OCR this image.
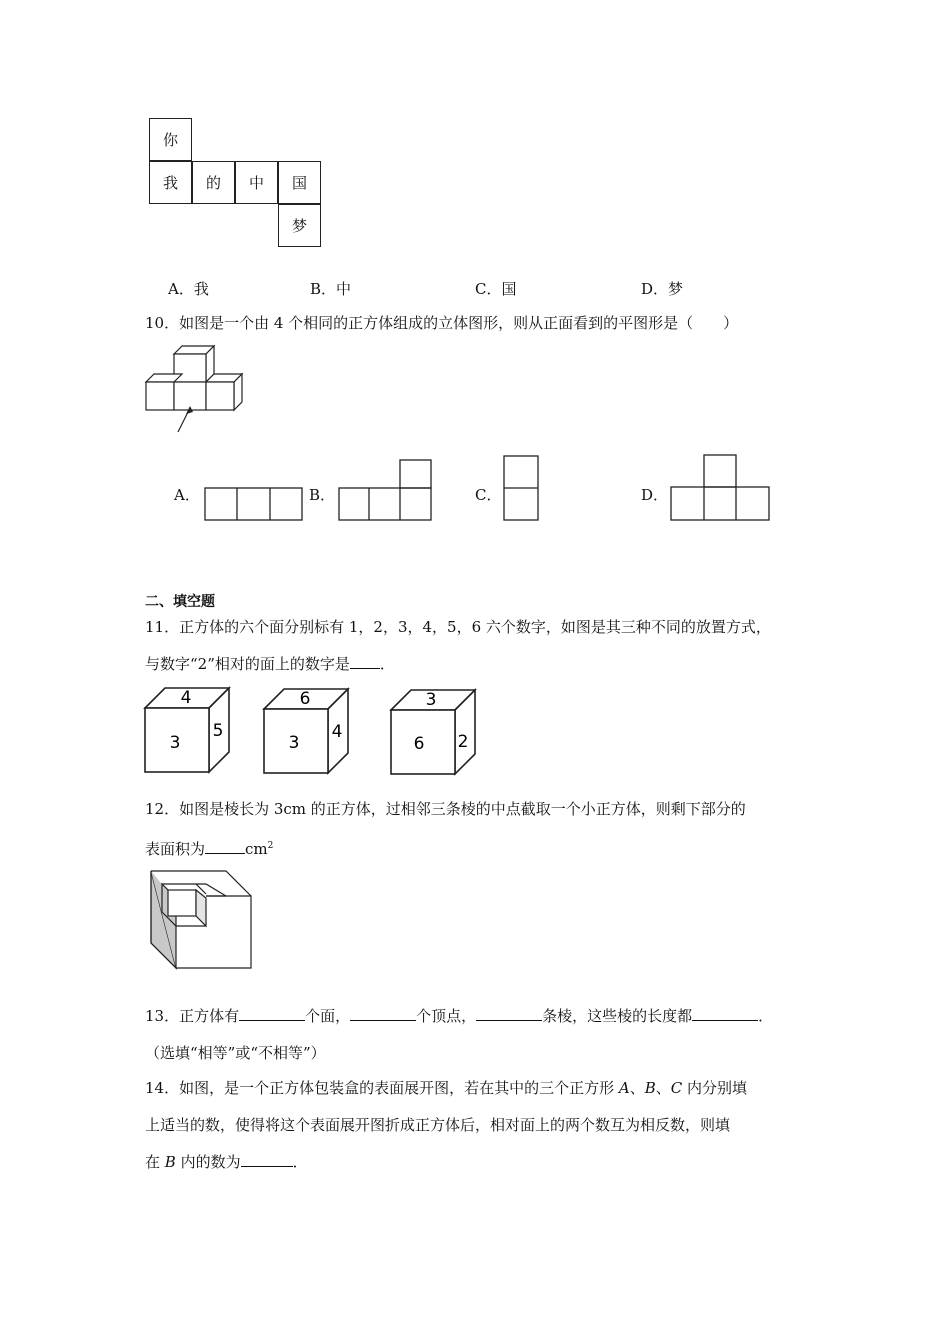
你
我	的	中	国
梦
A．我	B．中	C．国	D．梦
10．如图是一个由 4 个相同的正方体组成的立体图形，则从正面看到的平图形是（　　）
A．	B．	C．	D．
二、填空题
11．正方体的六个面分别标有 1，2，3，4，5，6 六个数字，如图是其三种不同的放置方式，
与数字“2”相对的面上的数字是 ．
4
3
5
6
3
4
3
6 2
12．如图是棱长为 3cm 的正方体，过相邻三条棱的中点截取一个小正方体，则剩下部分的
表面积为	$cm^2$
13．正方体有	个面，	个顶点，	条棱，这些棱的长度都	．
（选填“相等”或“不相等”）
14．如图，是一个正方体包装盒的表面展开图，若在其中的三个正方形 A、B、C 内分别填
上适当的数，使得将这个表面展开图折成正方体后，相对面上的两个数互为相反数，则填
在 B 内的数为	．
